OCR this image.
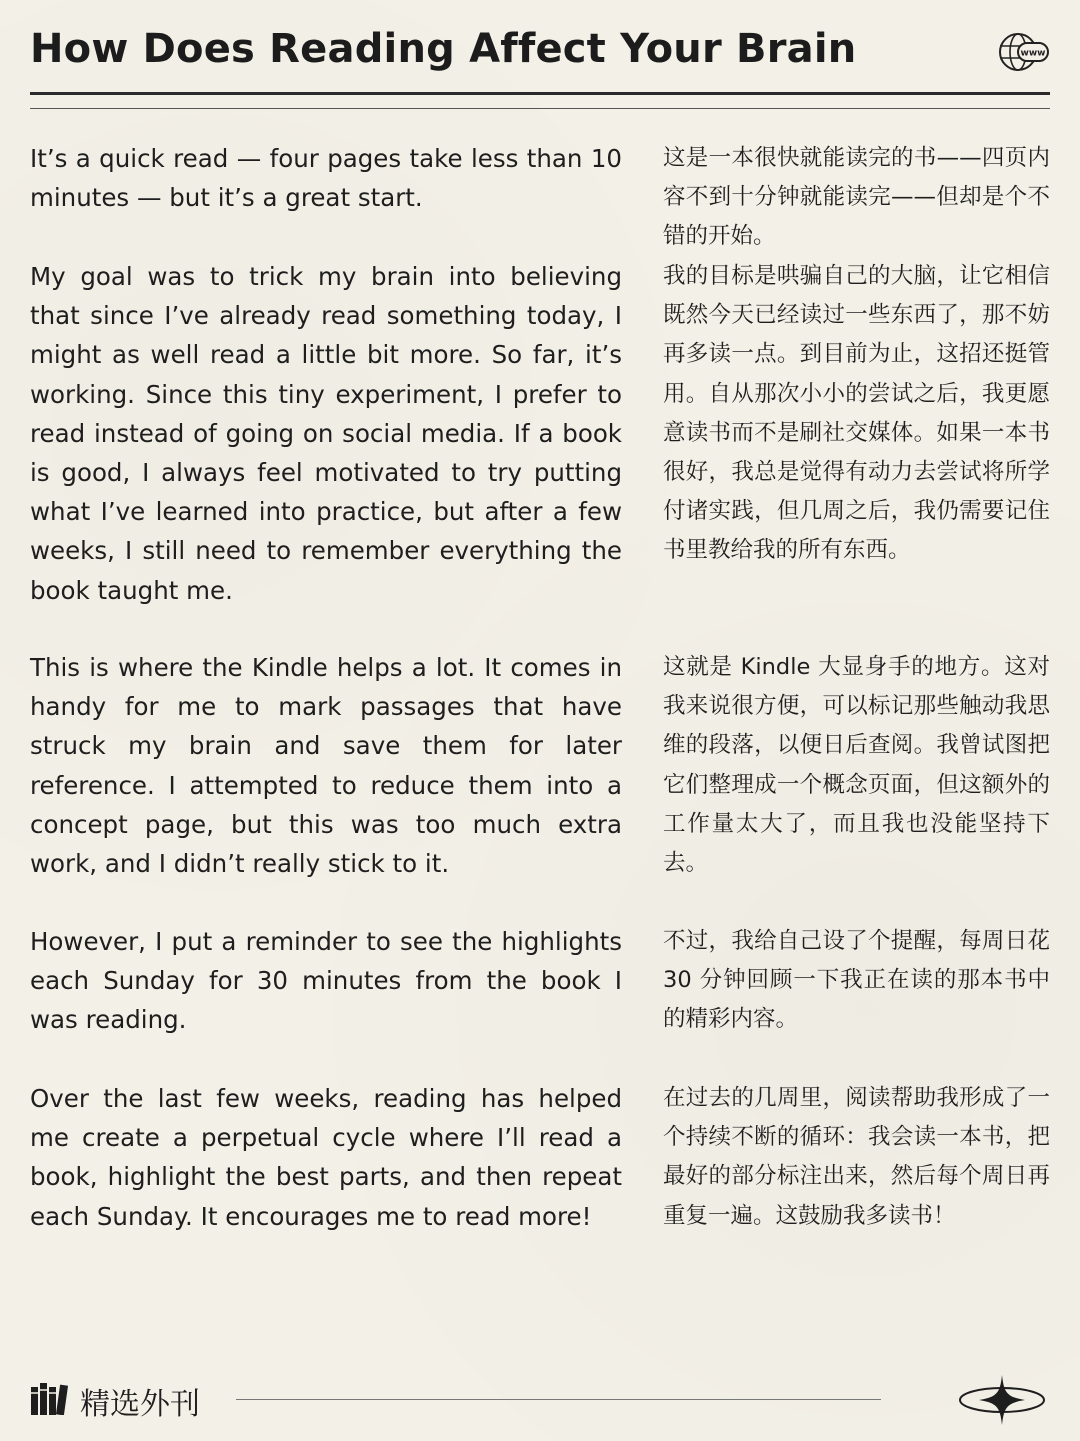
How Does Reading Affect Your Brain	www

It’s a quick read — four pages take less than 10 minutes — but it’s a great start.

My goal was to trick my brain into believing that since I’ve already read something today, I might as well read a little bit more. So far, it’s working. Since this tiny experiment, I prefer to read instead of going on social media. If a book is good, I always feel motivated to try putting what I’ve learned into practice, but after a few weeks, I still need to remember everything the book taught me.

This is where the Kindle helps a lot. It comes in handy for me to mark passages that have struck my brain and save them for later reference. I attempted to reduce them into a concept page, but this was too much extra work, and I didn’t really stick to it.

However, I put a reminder to see the highlights each Sunday for 30 minutes from the book I was reading.

Over the last few weeks, reading has helped me create a perpetual cycle where I’ll read a book, highlight the best parts, and then repeat each Sunday. It encourages me to read more!

这是一本很快就能读完的书——四页内容不到十分钟就能读完——但却是个不错的开始。

我的目标是哄骗自己的大脑，让它相信既然今天已经读过一些东西了，那不妨再多读一点。到目前为止，这招还挺管用。自从那次小小的尝试之后，我更愿意读书而不是刷社交媒体。如果一本书很好，我总是觉得有动力去尝试将所学付诸实践，但几周之后，我仍需要记住书里教给我的所有东西。

这就是 Kindle 大显身手的地方。这对我来说很方便，可以标记那些触动我思维的段落，以便日后查阅。我曾试图把它们整理成一个概念页面，但这额外的工作量太大了，而且我也没能坚持下去。

不过，我给自己设了个提醒，每周日花 30 分钟回顾一下我正在读的那本书中的精彩内容。

在过去的几周里，阅读帮助我形成了一个持续不断的循环：我会读一本书，把最好的部分标注出来，然后每个周日再重复一遍。这鼓励我多读书！

精选外刊
